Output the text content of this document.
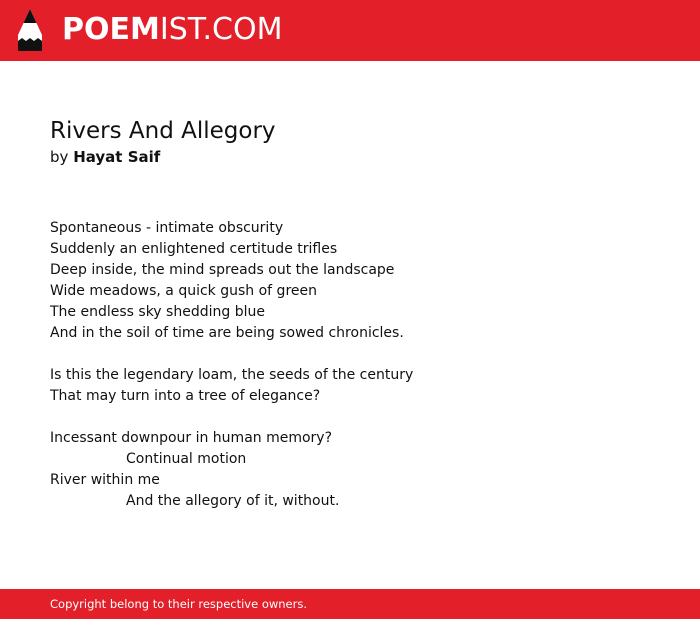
POEM IST.COM
Rivers And Allegory

by Hayat Saif

Spontaneous - intimate obscurity
Suddenly an enlightened certitude trifles
Deep inside, the mind spreads out the landscape
Wide meadows, a quick gush of green
The endless sky shedding blue
And in the soil of time are being sowed chronicles.
Is this the legendary loam, the seeds of the century
That may turn into a tree of elegance?
Incessant downpour in human memory?
Continual motion
River within me
And the allegory of it, without.
Copyright belong to their respective owners.
